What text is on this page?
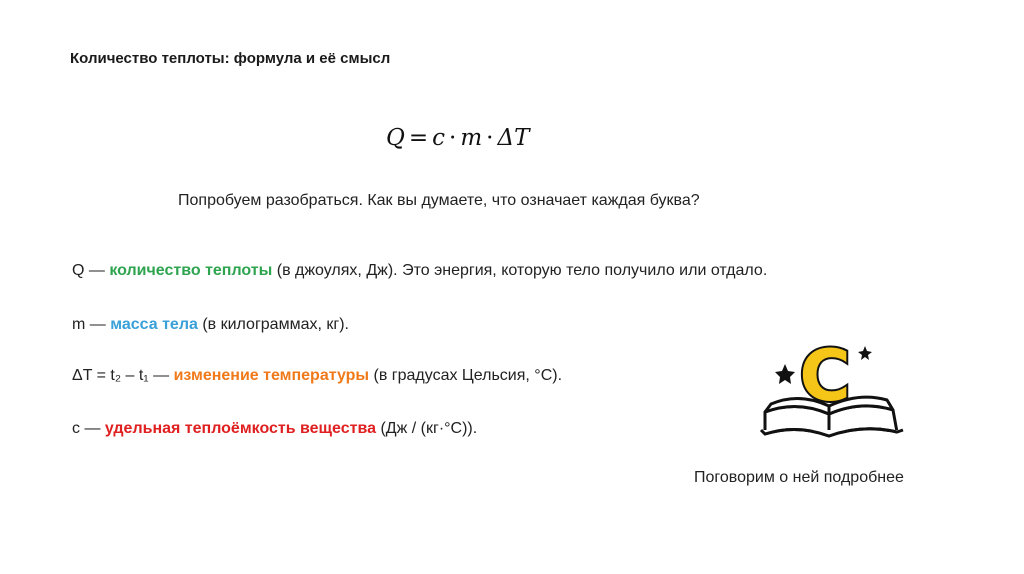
Количество теплоты: формула и её смысл
Q = c · m · ΔT
Попробуем разобраться. Как вы думаете, что означает каждая буква?
Q — количество теплоты (в джоулях, Дж). Это энергия, которую тело получило или отдало.
m — масса тела (в килограммах, кг).
ΔT = t₂ – t₁ — изменение температуры (в градусах Цельсия, °C).
c — удельная теплоёмкость вещества (Дж / (кг·°C)).
C
Поговорим о ней подробнее
